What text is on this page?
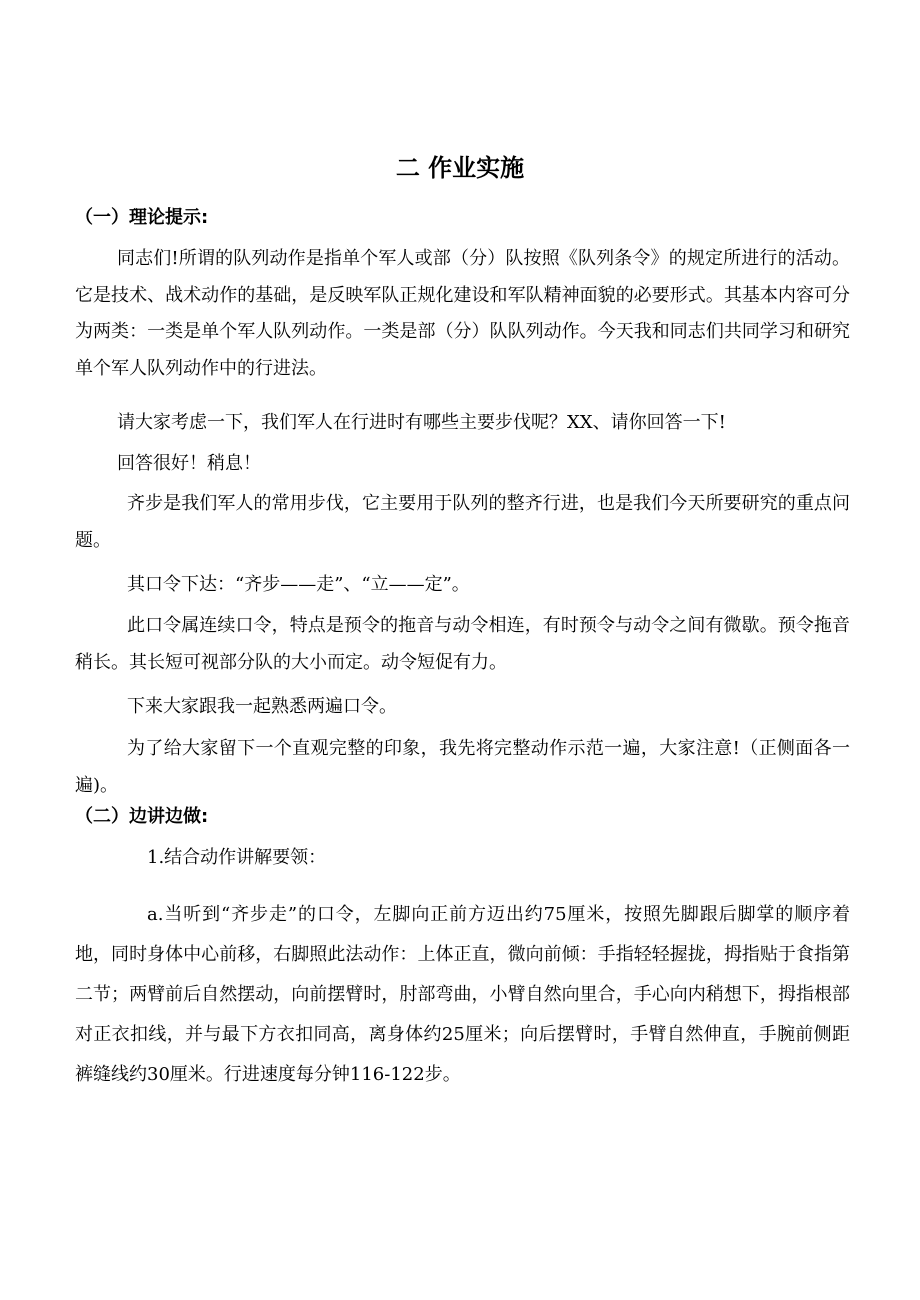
二 作业实施
（一）理论提示:

同志们!所谓的队列动作是指单个军人或部（分）队按照《队列条令》的规定所进行的活动。它是技术、战术动作的基础，是反映军队正规化建设和军队精神面貌的必要形式。其基本内容可分为两类：一类是单个军人队列动作。一类是部（分）队队列动作。今天我和同志们共同学习和研究单个军人队列动作中的行进法。

请大家考虑一下，我们军人在行进时有哪些主要步伐呢？XX、请你回答一下!

回答很好！稍息！

齐步是我们军人的常用步伐，它主要用于队列的整齐行进，也是我们今天所要研究的重点问题。

其口令下达：“齐步——走”、“立——定”。

此口令属连续口令，特点是预令的拖音与动令相连，有时预令与动令之间有微歇。预令拖音稍长。其长短可视部分队的大小而定。动令短促有力。

下来大家跟我一起熟悉两遍口令。

为了给大家留下一个直观完整的印象，我先将完整动作示范一遍，大家注意!（正侧面各一遍)。

（二）边讲边做:

1.结合动作讲解要领：

a.当听到“齐步走”的口令，左脚向正前方迈出约75厘米，按照先脚跟后脚掌的顺序着地，同时身体中心前移，右脚照此法动作：上体正直，微向前倾：手指轻轻握拢，拇指贴于食指第二节；两臂前后自然摆动，向前摆臂时，肘部弯曲，小臂自然向里合，手心向内稍想下，拇指根部对正衣扣线，并与最下方衣扣同高，离身体约25厘米；向后摆臂时，手臂自然伸直，手腕前侧距裤缝线约30厘米。行进速度每分钟116-122步。
